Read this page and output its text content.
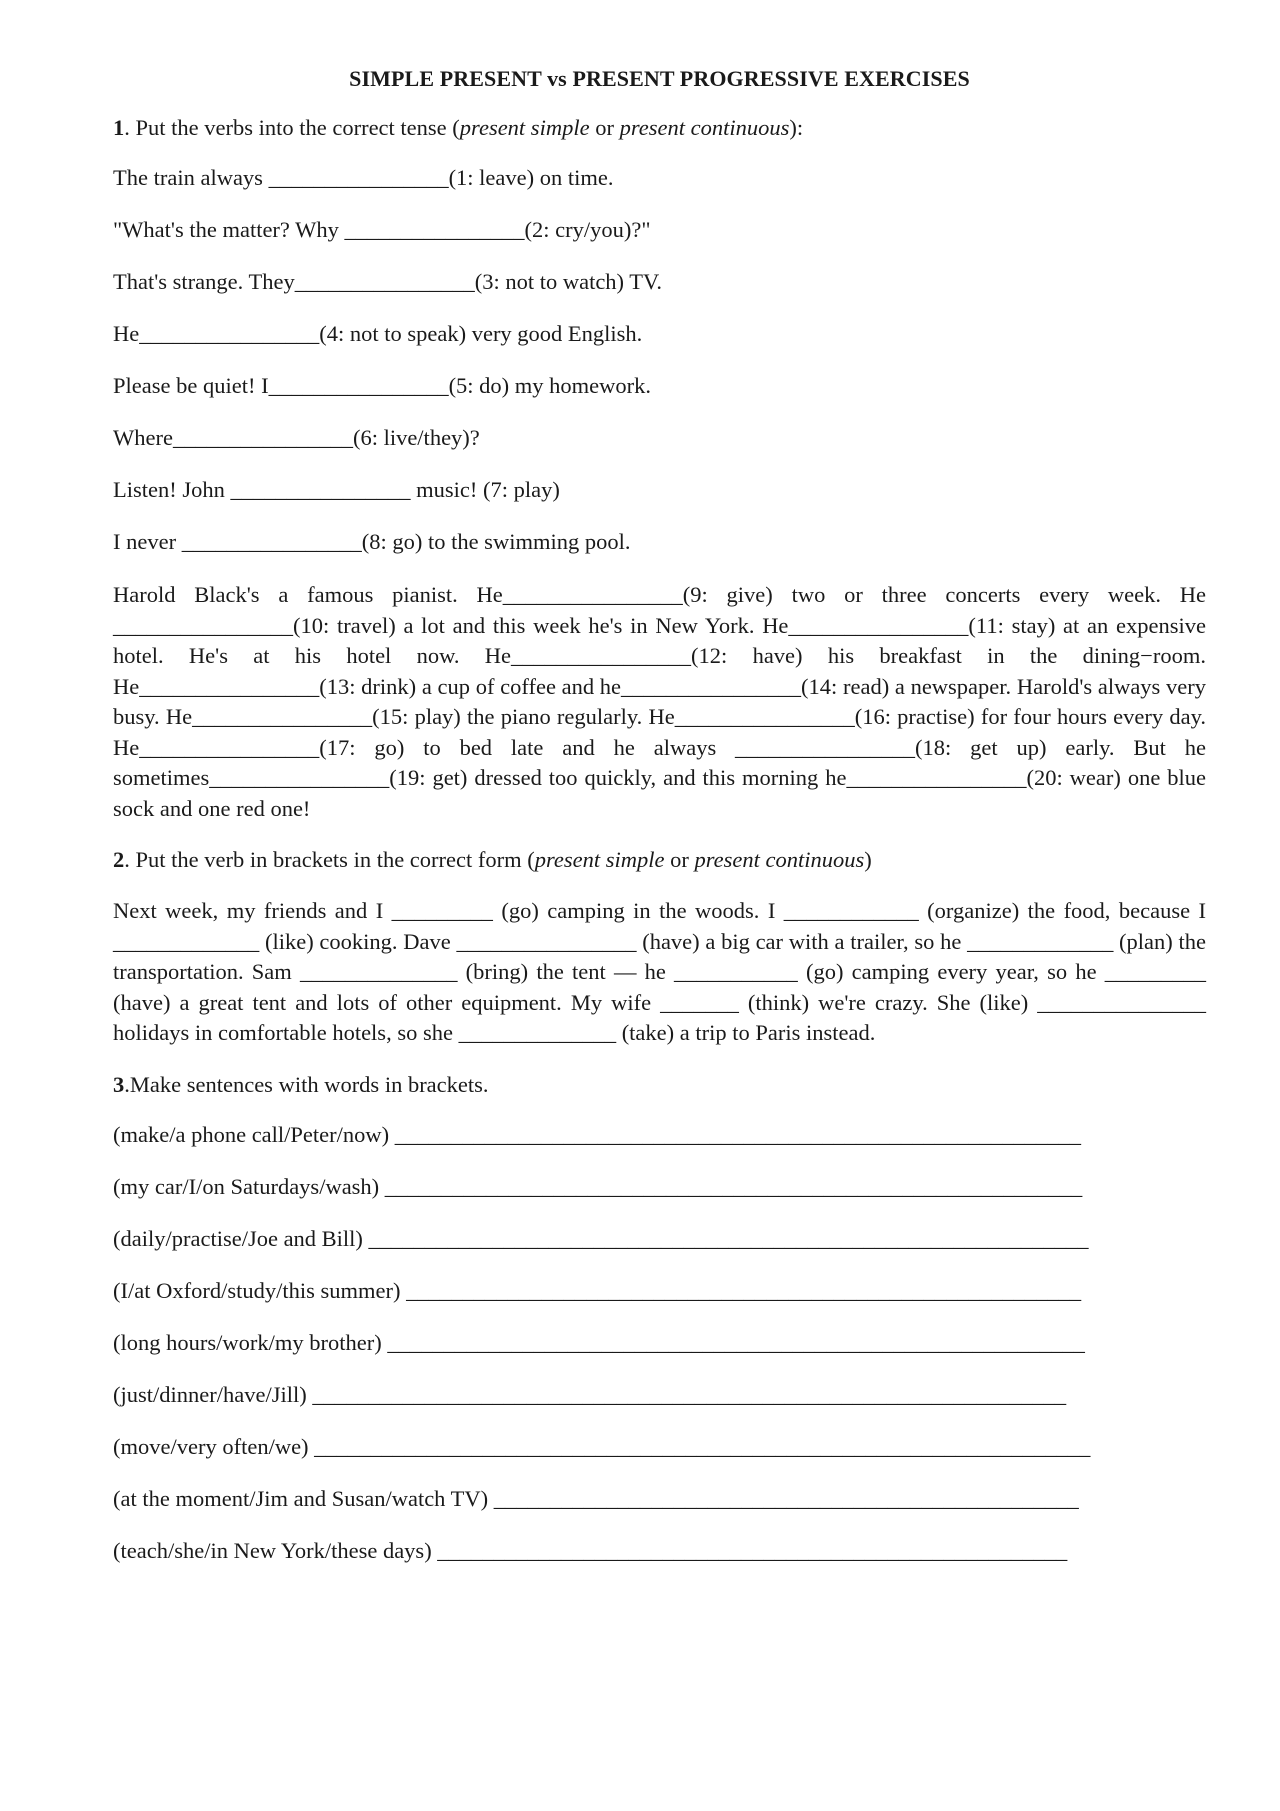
SIMPLE PRESENT vs PRESENT PROGRESSIVE EXERCISES
1. Put the verbs into the correct tense (present simple or present continuous):
The train always ________________(1: leave) on time.
"What's the matter? Why ________________(2: cry/you)?"
That's strange. They________________(3: not to watch) TV.
He________________(4: not to speak) very good English.
Please be quiet! I________________(5: do) my homework.
Where________________(6: live/they)?
Listen! John ________________ music! (7: play)
I never ________________(8: go) to the swimming pool.
Harold Black's a famous pianist. He________________(9: give) two or three concerts every week. He ________________(10: travel) a lot and this week he's in New York. He________________(11: stay) at an expensive hotel. He's at his hotel now. He________________(12: have) his breakfast in the dining−room. He________________(13: drink) a cup of coffee and he________________(14: read) a newspaper. Harold's always very busy. He________________(15: play) the piano regularly. He________________(16: practise) for four hours every day. He________________(17: go) to bed late and he always ________________(18: get up) early. But he sometimes________________(19: get) dressed too quickly, and this morning he________________(20: wear) one blue sock and one red one!
2. Put the verb in brackets in the correct form (present simple or present continuous)
Next week, my friends and I _________ (go) camping in the woods. I ____________ (organize) the food, because I _____________ (like) cooking. Dave ________________ (have) a big car with a trailer, so he _____________ (plan) the transportation. Sam ______________ (bring) the tent — he ___________ (go) camping every year, so he _________ (have) a great tent and lots of other equipment. My wife _______ (think) we're crazy. She (like) _______________ holidays in comfortable hotels, so she ______________ (take) a trip to Paris instead.
3.Make sentences with words in brackets.
(make/a phone call/Peter/now) _____________________________________________________________
(my car/I/on Saturdays/wash) ______________________________________________________________
(daily/practise/Joe and Bill) ________________________________________________________________
(I/at Oxford/study/this summer) ____________________________________________________________
(long hours/work/my brother) ______________________________________________________________
(just/dinner/have/Jill) ___________________________________________________________________
(move/very often/we) _____________________________________________________________________
(at the moment/Jim and Susan/watch TV) ____________________________________________________
(teach/she/in New York/these days) ________________________________________________________
